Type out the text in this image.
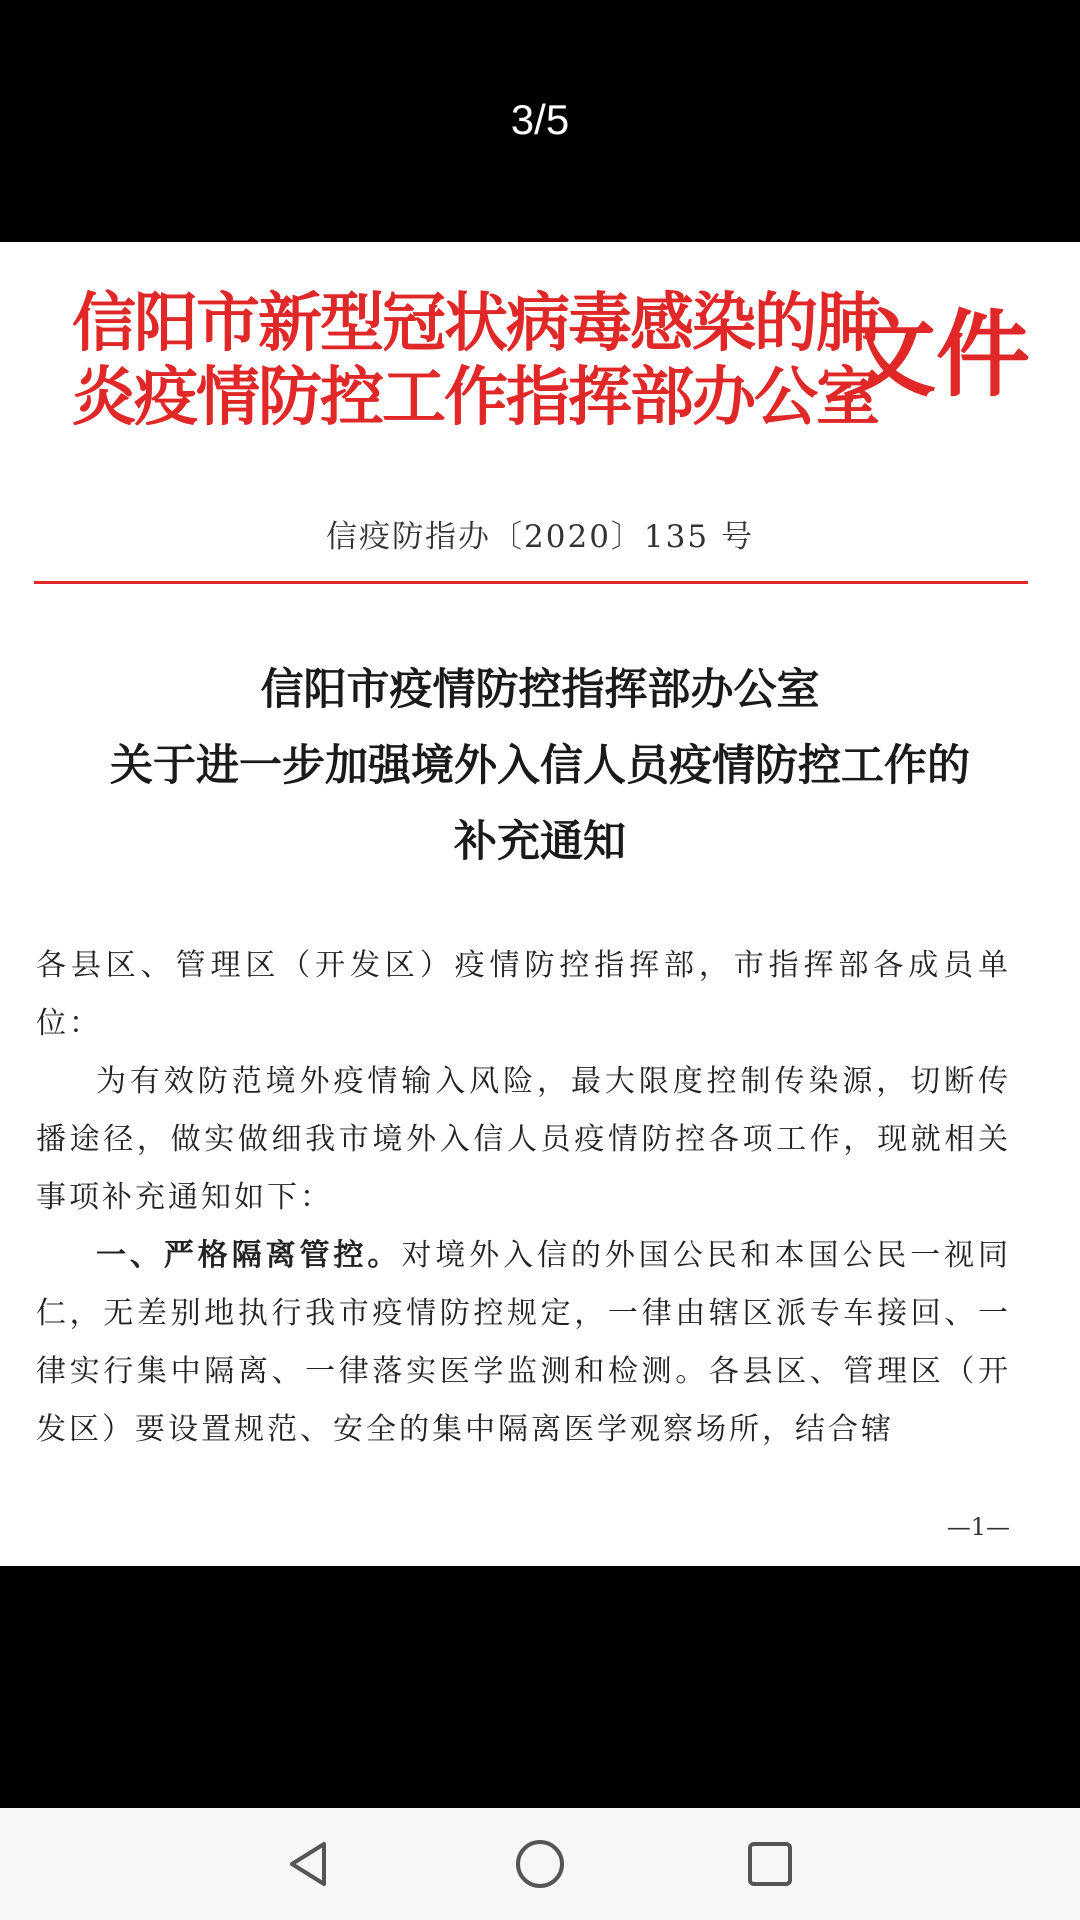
3/5
信阳市新型冠状病毒感染的肺
炎疫情防控工作指挥部办公室
文件
信疫防指办〔2020〕135 号
信阳市疫情防控指挥部办公室
关于进一步加强境外入信人员疫情防控工作的
补充通知

各县区、管理区（开发区）疫情防控指挥部，市指挥部各成员单位：

为有效防范境外疫情输入风险，最大限度控制传染源，切断传播途径，做实做细我市境外入信人员疫情防控各项工作，现就相关事项补充通知如下：

一、严格隔离管控。对境外入信的外国公民和本国公民一视同仁，无差别地执行我市疫情防控规定，一律由辖区派专车接回、一律实行集中隔离、一律落实医学监测和检测。各县区、管理区（开发区）要设置规范、安全的集中隔离医学观察场所，结合辖

—1—
